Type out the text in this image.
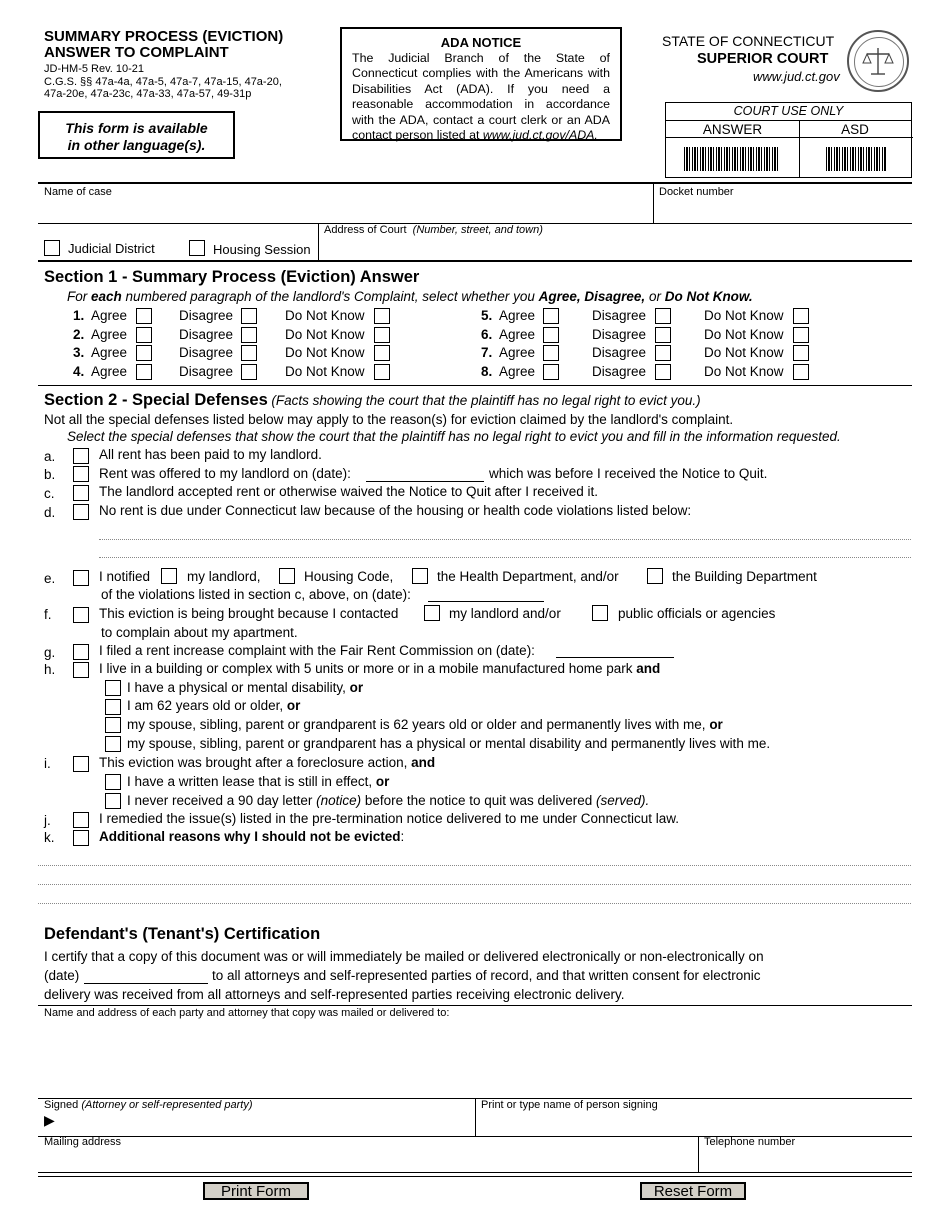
SUMMARY PROCESS (EVICTION)
ANSWER TO COMPLAINT
JD-HM-5 Rev. 10-21
C.G.S. §§ 47a-4a, 47a-5, 47a-7, 47a-15, 47a-20,
47a-20e, 47a-23c, 47a-33, 47a-57, 49-31p
This form is available
in other language(s).
ADA NOTICE
The Judicial Branch of the State of Connecticut complies with the Americans with Disabilities Act (ADA). If you need a reasonable accommodation in accordance with the ADA, contact a court clerk or an ADA contact person listed at www.jud.ct.gov/ADA.
STATE OF CONNECTICUT
SUPERIOR COURT
www.jud.ct.gov
COURT USE ONLY
ANSWER	ASD
Name of case	Docket number
Judicial District	Housing Session
Address of Court (Number, street, and town)
Section 1 - Summary Process (Eviction) Answer
For each numbered paragraph of the landlord's Complaint, select whether you Agree, Disagree, or Do Not Know.
1. Agree	Disagree	Do Not Know
2. Agree	Disagree	Do Not Know
3. Agree	Disagree	Do Not Know
4. Agree	Disagree	Do Not Know
5. Agree	Disagree	Do Not Know
6. Agree	Disagree	Do Not Know
7. Agree	Disagree	Do Not Know
8. Agree	Disagree	Do Not Know
Section 2 - Special Defenses (Facts showing the court that the plaintiff has no legal right to evict you.)
Not all the special defenses listed below may apply to the reason(s) for eviction claimed by the landlord's complaint.
Select the special defenses that show the court that the plaintiff has no legal right to evict you and fill in the information requested.
a.	All rent has been paid to my landlord.
b.	Rent was offered to my landlord on (date):	which was before I received the Notice to Quit.
c.	The landlord accepted rent or otherwise waived the Notice to Quit after I received it.
d.	No rent is due under Connecticut law because of the housing or health code violations listed below:
e.	I notified	my landlord,	Housing Code,	the Health Department, and/or	the Building Department
of the violations listed in section c, above, on (date):
f.	This eviction is being brought because I contacted	my landlord and/or	public officials or agencies
to complain about my apartment.
g.	I filed a rent increase complaint with the Fair Rent Commission on (date):
h.	I live in a building or complex with 5 units or more or in a mobile manufactured home park and
I have a physical or mental disability, or
I am 62 years old or older, or
my spouse, sibling, parent or grandparent is 62 years old or older and permanently lives with me, or
my spouse, sibling, parent or grandparent has a physical or mental disability and permanently lives with me.
i.	This eviction was brought after a foreclosure action, and
I have a written lease that is still in effect, or
I never received a 90 day letter (notice) before the notice to quit was delivered (served).
j.	I remedied the issue(s) listed in the pre-termination notice delivered to me under Connecticut law.
k.	Additional reasons why I should not be evicted:
Defendant's (Tenant's) Certification
I certify that a copy of this document was or will immediately be mailed or delivered electronically or non-electronically on
(date)	to all attorneys and self-represented parties of record, and that written consent for electronic
delivery was received from all attorneys and self-represented parties receiving electronic delivery.
Name and address of each party and attorney that copy was mailed or delivered to:
Signed (Attorney or self-represented party)
▶
Print or type name of person signing
Mailing address	Telephone number
Print Form	Reset Form
